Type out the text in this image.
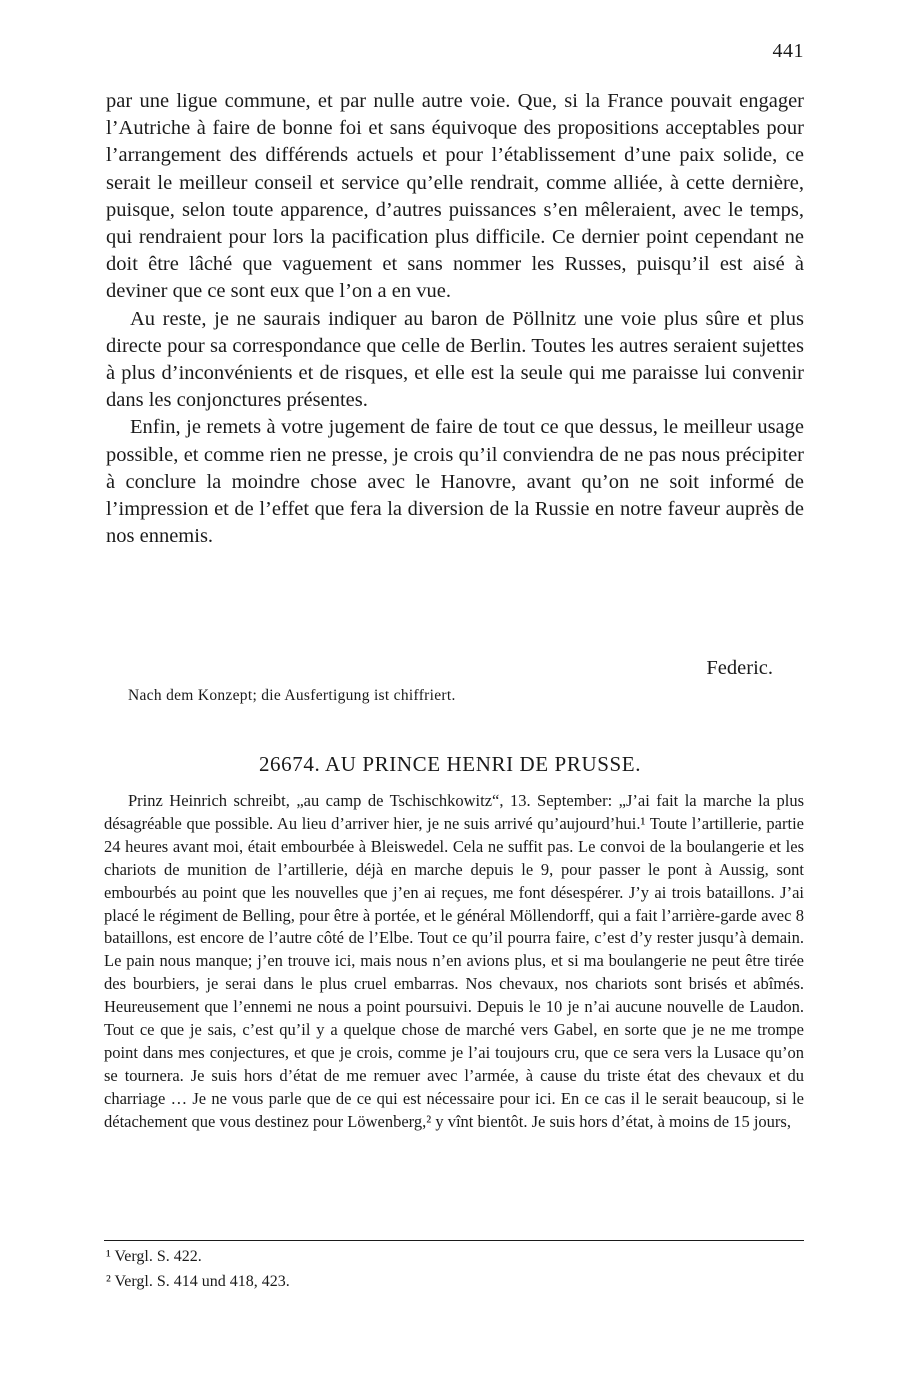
441

par une ligue commune, et par nulle autre voie. Que, si la France pouvait engager l’Autriche à faire de bonne foi et sans équivoque des propositions acceptables pour l’arrangement des différends actuels et pour l’établissement d’une paix solide, ce serait le meilleur conseil et service qu’elle rendrait, comme alliée, à cette dernière, puisque, selon toute apparence, d’autres puissances s’en mêleraient, avec le temps, qui rendraient pour lors la pacification plus difficile. Ce dernier point cependant ne doit être lâché que vaguement et sans nommer les Russes, puisqu’il est aisé à deviner que ce sont eux que l’on a en vue.

Au reste, je ne saurais indiquer au baron de Pöllnitz une voie plus sûre et plus directe pour sa correspondance que celle de Berlin. Toutes les autres seraient sujettes à plus d’inconvénients et de risques, et elle est la seule qui me paraisse lui convenir dans les conjonctures présentes.

Enfin, je remets à votre jugement de faire de tout ce que dessus, le meilleur usage possible, et comme rien ne presse, je crois qu’il conviendra de ne pas nous précipiter à conclure la moindre chose avec le Hanovre, avant qu’on ne soit informé de l’impression et de l’effet que fera la diversion de la Russie en notre faveur auprès de nos ennemis.

Federic.
Nach dem Konzept; die Ausfertigung ist chiffriert.
26674. AU PRINCE HENRI DE PRUSSE.
Prinz Heinrich schreibt, „au camp de Tschischkowitz“, 13. September: „J’ai fait la marche la plus désagréable que possible. Au lieu d’arriver hier, je ne suis arrivé qu’aujourd’hui.¹ Toute l’artillerie, partie 24 heures avant moi, était embourbée à Bleiswedel. Cela ne suffit pas. Le convoi de la boulangerie et les chariots de munition de l’artillerie, déjà en marche depuis le 9, pour passer le pont à Aussig, sont embourbés au point que les nouvelles que j’en ai reçues, me font désespérer. J’y ai trois bataillons. J’ai placé le régiment de Belling, pour être à portée, et le général Möllendorff, qui a fait l’arrière-garde avec 8 bataillons, est encore de l’autre côté de l’Elbe. Tout ce qu’il pourra faire, c’est d’y rester jusqu’à demain. Le pain nous manque; j’en trouve ici, mais nous n’en avions plus, et si ma boulangerie ne peut être tirée des bourbiers, je serai dans le plus cruel embarras. Nos chevaux, nos chariots sont brisés et abîmés. Heureusement que l’ennemi ne nous a point poursuivi. Depuis le 10 je n’ai aucune nouvelle de Laudon. Tout ce que je sais, c’est qu’il y a quelque chose de marché vers Gabel, en sorte que je ne me trompe point dans mes conjectures, et que je crois, comme je l’ai toujours cru, que ce sera vers la Lusace qu’on se tournera. Je suis hors d’état de me remuer avec l’armée, à cause du triste état des chevaux et du charriage … Je ne vous parle que de ce qui est nécessaire pour ici. En ce cas il le serait beaucoup, si le détachement que vous destinez pour Löwenberg,² y vînt bientôt. Je suis hors d’état, à moins de 15 jours,
¹ Vergl. S. 422.
² Vergl. S. 414 und 418, 423.
